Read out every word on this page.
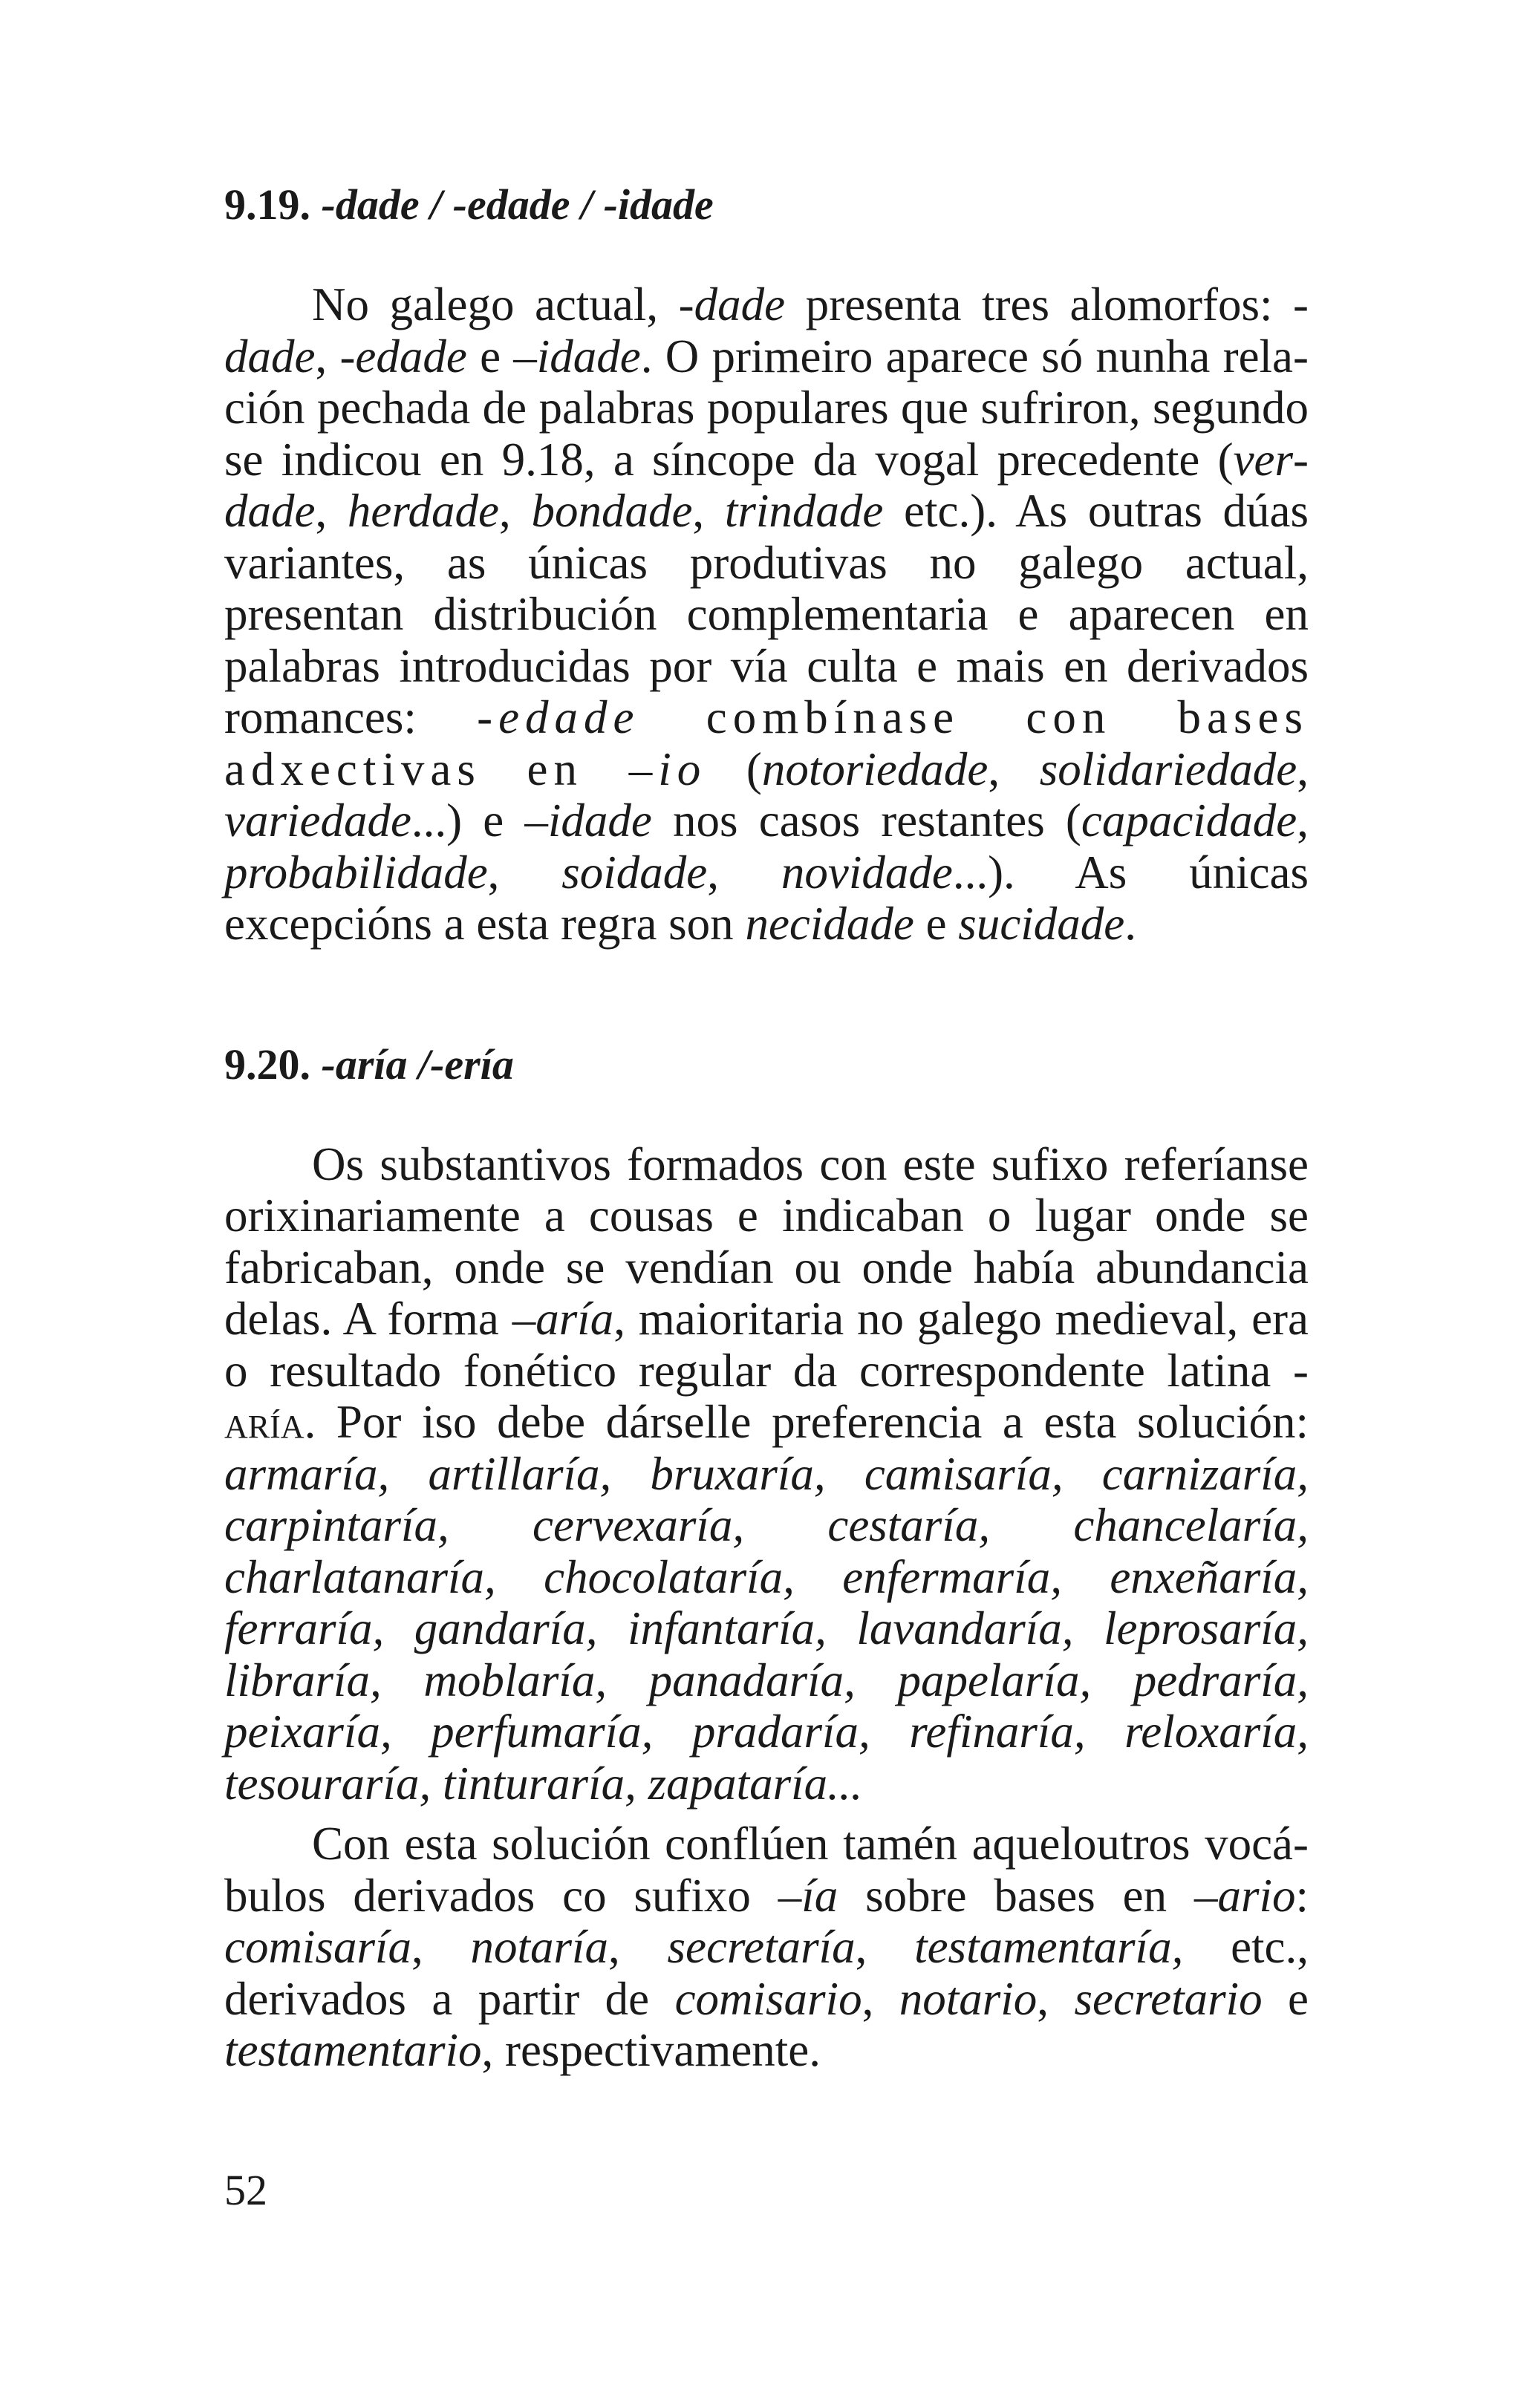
9.19. -dade / -edade / -idade

No galego actual, -dade presenta tres alomorfos: -dade, -edade e –idade. O primeiro aparece só nunha relación pechada de palabras populares que sufriron, segundo se indicou en 9.18, a síncope da vogal precedente (verdade, herdade, bondade, trindade etc.). As outras dúas variantes, as únicas produtivas no galego actual, presentan distribución complementaria e aparecen en palabras introducidas por vía culta e mais en derivados romances: -edade combínase con bases adxectivas en –io (notoriedade, solidariedade, variedade...) e –idade nos casos restantes (capacidade, probabilidade, soidade, novidade...). As únicas excepcións a esta regra son necidade e sucidade.

9.20. -aría /-ería

Os substantivos formados con este sufixo referíanse orixinariamente a cousas e indicaban o lugar onde se fabricaban, onde se vendían ou onde había abundancia delas. A forma –aría, maioritaria no galego medieval, era o resultado fonético regular da correspondente latina -aría. Por iso debe dárselle preferencia a esta solución: armaría, artillaría, bruxaría, camisaría, carnizaría, carpintaría, cervexaría, cestaría, chancelaría, charlatanaría, chocolataría, enfermaría, enxeñaría, ferraría, gandaría, infantaría, lavandaría, leprosaría, libraría, moblaría, panadaría, papelaría, pedraría, peixaría, perfumaría, pradaría, refinaría, reloxaría, tesouraría, tinturaría, zapataría...

Con esta solución conflúen tamén aqueloutros vocábulos derivados co sufixo –ía sobre bases en –ario: comisaría, notaría, secretaría, testamentaría, etc., derivados a partir de comisario, notario, secretario e testamentario, respectivamente.

52
